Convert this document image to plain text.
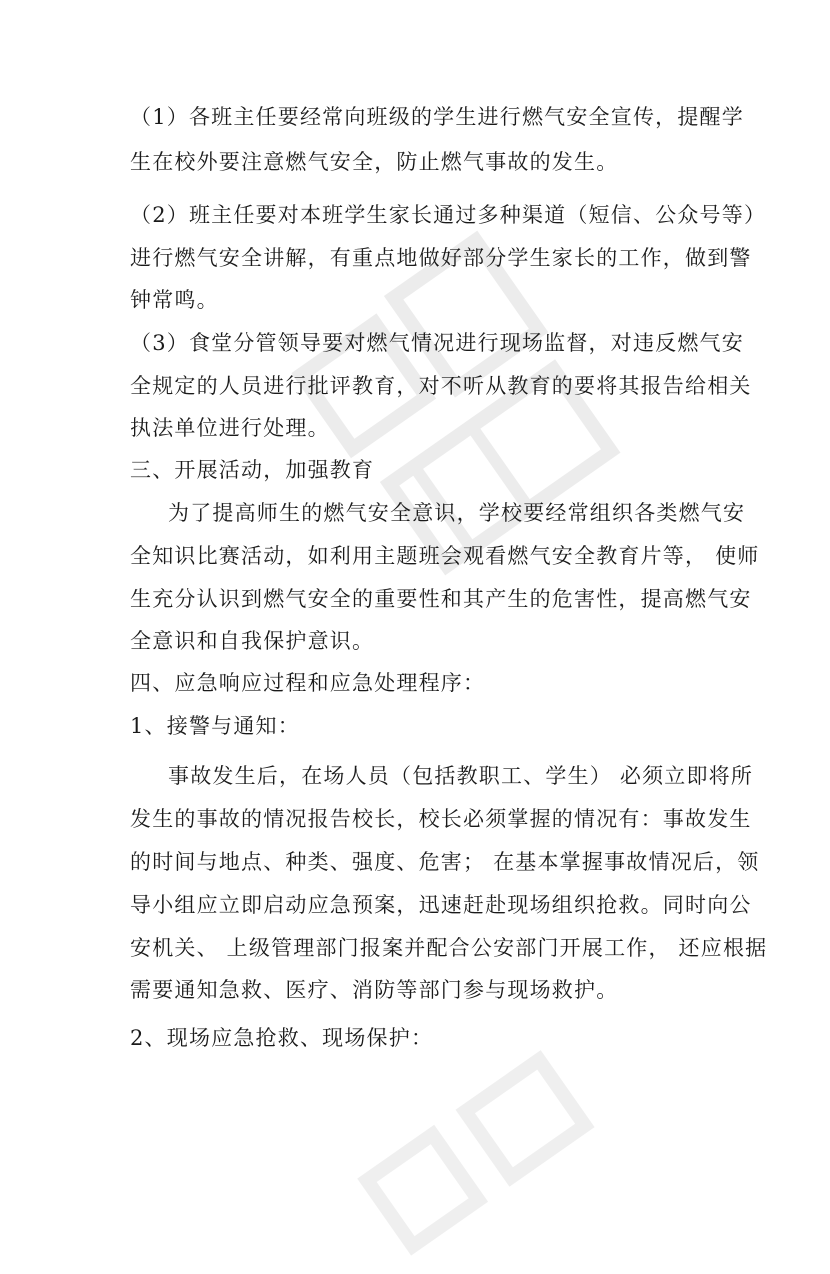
（1）各班主任要经常向班级的学生进行燃气安全宣传，提醒学
生在校外要注意燃气安全，防止燃气事故的发生。
（2）班主任要对本班学生家长通过多种渠道（短信、公众号等）
进行燃气安全讲解，有重点地做好部分学生家长的工作，做到警
钟常鸣。
（3）食堂分管领导要对燃气情况进行现场监督，对违反燃气安
全规定的人员进行批评教育，对不听从教育的要将其报告给相关
执法单位进行处理。
三、开展活动，加强教育
为了提高师生的燃气安全意识，学校要经常组织各类燃气安
全知识比赛活动，如利用主题班会观看燃气安全教育片等， 使师
生充分认识到燃气安全的重要性和其产生的危害性，提高燃气安
全意识和自我保护意识。
四、应急响应过程和应急处理程序：
1、接警与通知：
事故发生后，在场人员（包括教职工、学生） 必须立即将所
发生的事故的情况报告校长，校长必须掌握的情况有：事故发生
的时间与地点、种类、强度、危害； 在基本掌握事故情况后，领
导小组应立即启动应急预案，迅速赶赴现场组织抢救。同时向公
安机关、 上级管理部门报案并配合公安部门开展工作， 还应根据
需要通知急救、医疗、消防等部门参与现场救护。
2、现场应急抢救、现场保护：
